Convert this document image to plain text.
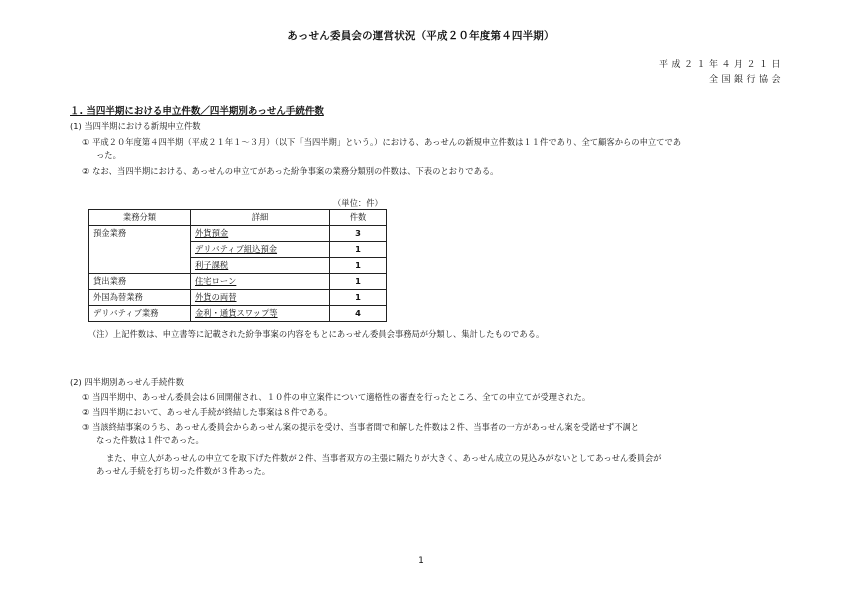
あっせん委員会の運営状況（平成２０年度第４四半期）
平成２１年４月２１日
全国銀行協会
１. 当四半期における申立件数／四半期別あっせん手続件数
(1) 当四半期における新規申立件数
① 平成２０年度第４四半期（平成２１年１～３月）（以下「当四半期」という。）における、あっせんの新規申立件数は１１件であり、全て顧客からの申立てであ
った。
② なお、当四半期における、あっせんの申立てがあった紛争事案の業務分類別の件数は、下表のとおりである。
（単位：件）
業務分類	詳細	件数
預金業務	外貨預金	3
	デリバティブ組込預金	1
	利子課税	1
貸出業務	住宅ローン	1
外国為替業務	外貨の両替	1
デリバティブ業務	金利・通貨スワップ等	4
（注）上記件数は、申立書等に記載された紛争事案の内容をもとにあっせん委員会事務局が分類し、集計したものである。
(2) 四半期別あっせん手続件数
① 当四半期中、あっせん委員会は６回開催され、１０件の申立案件について適格性の審査を行ったところ、全ての申立てが受理された。
② 当四半期において、あっせん手続が終結した事案は８件である。
③ 当該終結事案のうち、あっせん委員会からあっせん案の提示を受け、当事者間で和解した件数は２件、当事者の一方があっせん案を受諾せず不調と
なった件数は１件であった。
また、申立人があっせんの申立てを取下げた件数が２件、当事者双方の主張に隔たりが大きく、あっせん成立の見込みがないとしてあっせん委員会が
あっせん手続を打ち切った件数が３件あった。
1
